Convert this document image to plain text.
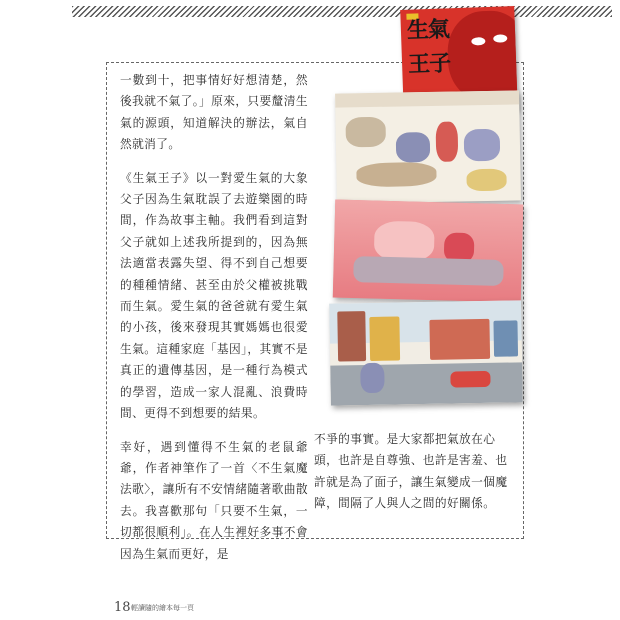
一數到十，把事情好好想清楚，然後我就不氣了。」原來，只要釐清生氣的源頭，知道解決的辦法，氣自然就消了。

《生氣王子》以一對愛生氣的大象父子因為生氣耽誤了去遊樂園的時間，作為故事主軸。我們看到這對父子就如上述我所提到的，因為無法適當表露失望、得不到自己想要的種種情緒、甚至由於父權被挑戰而生氣。愛生氣的爸爸就有愛生氣的小孩，後來發現其實媽媽也很愛生氣。這種家庭「基因」，其實不是真正的遺傳基因，是一種行為模式的學習，造成一家人混亂、浪費時間、更得不到想要的結果。

幸好，遇到懂得不生氣的老鼠爺爺，作者神筆作了一首〈不生氣魔法歌〉，讓所有不安情緒隨著歌曲散去。我喜歡那句「只要不生氣，一切都很順利」。在人生裡好多事不會因為生氣而更好，是

不爭的事實。是大家都把氣放在心頭，也許是自尊強、也許是害羞、也許就是為了面子，讓生氣變成一個魔障，間隔了人與人之間的好關係。

生氣
王子
18 輕讀隨的繪本每一頁
